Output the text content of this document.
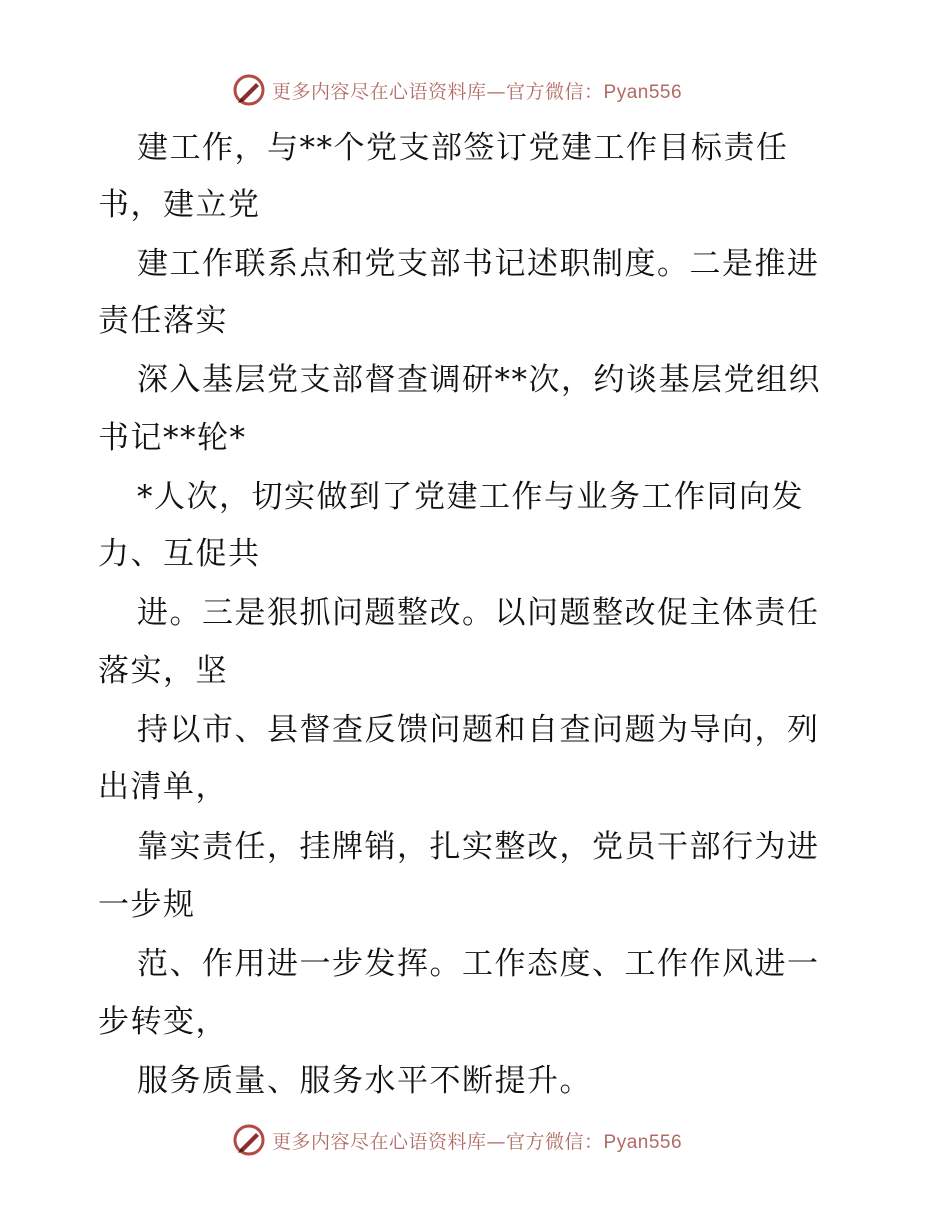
更多内容尽在心语资料库—官方微信：Pyan556
建工作，与**个党支部签订党建工作目标责任
书，建立党
建工作联系点和党支部书记述职制度。二是推进
责任落实
深入基层党支部督查调研**次，约谈基层党组织
书记**轮*
*人次，切实做到了党建工作与业务工作同向发
力、互促共
进。三是狠抓问题整改。以问题整改促主体责任
落实，坚
持以市、县督查反馈问题和自查问题为导向，列
出清单，
靠实责任，挂牌销，扎实整改，党员干部行为进
一步规
范、作用进一步发挥。工作态度、工作作风进一
步转变，
服务质量、服务水平不断提升。
更多内容尽在心语资料库—官方微信：Pyan556
